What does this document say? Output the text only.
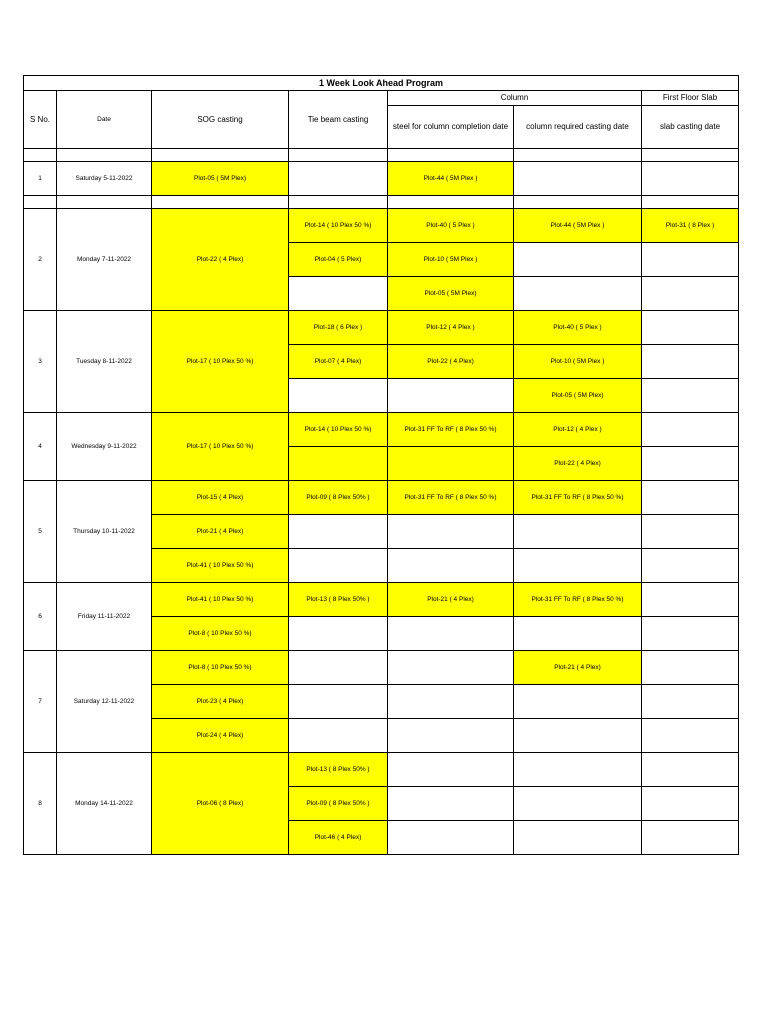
1 Week Look Ahead Program						
S No.	Date	SOG casting	Tie beam casting	Column		First Floor Slab
				steel for column completion date	column required casting date	slab casting date

1	Saturday 5-11-2022	Plot-05 ( 5M Plex)		Plot-44 ( 5M Plex )		

2	Monday 7-11-2022	Plot-22 ( 4 Plex)	Plot-14 ( 10 Plex 50 %)	Plot-40 ( 5 Plex )	Plot-44 ( 5M Plex )	Plot-31 ( 8 Plex )
			Plot-04 ( 5 Plex)	Plot-10 ( 5M Plex )		
				Plot-05 ( 5M Plex)		
3	Tuesday 8-11-2022	Plot-17 ( 10 Plex 50 %)	Plot-18 ( 6 Plex )	Plot-12 ( 4 Plex )	Plot-40 ( 5 Plex )	
			Plot-07 ( 4 Plex)	Plot-22 ( 4 Plex)	Plot-10 ( 5M Plex )	
					Plot-05 ( 5M Plex)	
4	Wednesday 9-11-2022	Plot-17 ( 10 Plex 50 %)	Plot-14 ( 10 Plex 50 %)	Plot-31 FF To RF ( 8 Plex 50 %)	Plot-12 ( 4 Plex )	
					Plot-22 ( 4 Plex)	
5	Thursday 10-11-2022	Plot-15 ( 4 Plex)	Plot-09 ( 8 Plex 50% )	Plot-31 FF To RF ( 8 Plex 50 %)	Plot-31 FF To RF ( 8 Plex 50 %)	
		Plot-21 ( 4 Plex)				
		Plot-41 ( 10 Plex 50 %)				
6	Friday 11-11-2022	Plot-41 ( 10 Plex 50 %)	Plot-13 ( 8 Plex 50% )	Plot-21 ( 4 Plex)	Plot-31 FF To RF ( 8 Plex 50 %)	
		Plot-8 ( 10 Plex 50 %)				
7	Saturday 12-11-2022	Plot-8 ( 10 Plex 50 %)			Plot-21 ( 4 Plex)	
		Plot-23 ( 4 Plex)				
		Plot-24 ( 4 Plex)				
8	Monday 14-11-2022	Plot-06 ( 8 Plex)	Plot-13 ( 8 Plex 50% )			
			Plot-09 ( 8 Plex 50% )			
			Plot-46 ( 4 Plex)			
